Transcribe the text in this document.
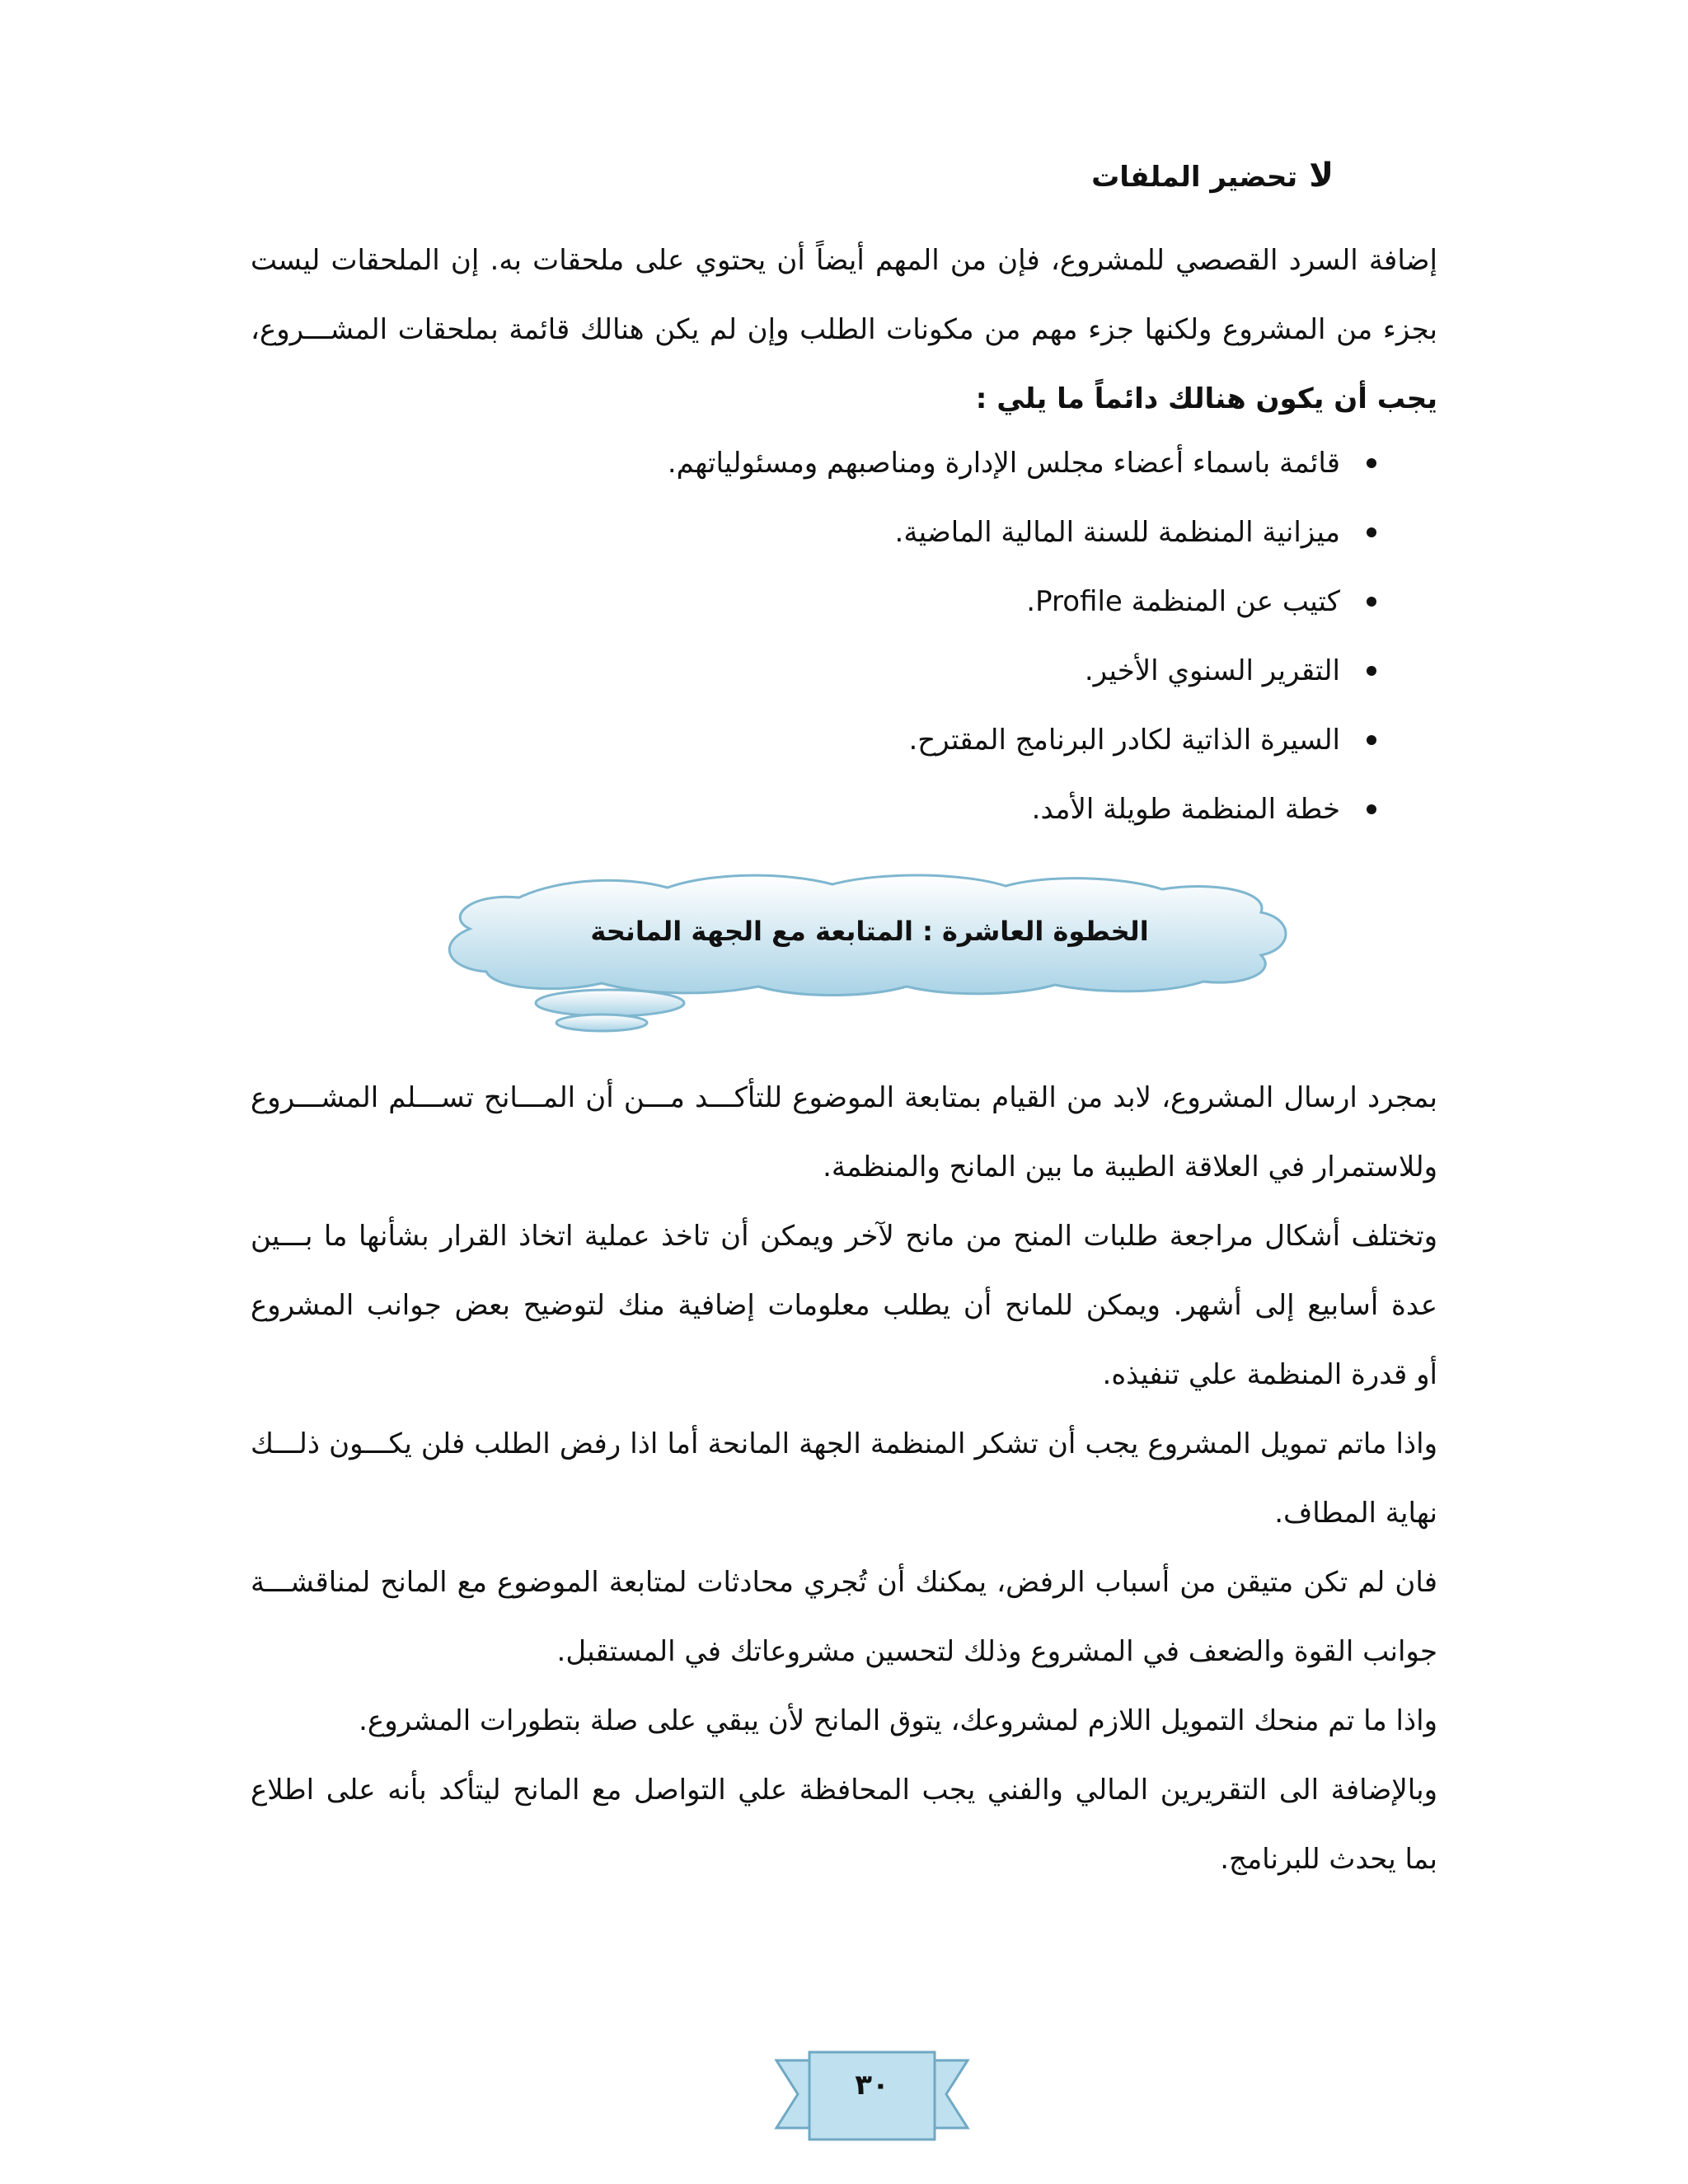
ﻻتحضير الملفات
إضافة السرد القصصي للمشروع، فإن من المهم أيضاً أن يحتوي على ملحقات به. إن الملحقات ليست
بجزء من المشروع ولكنها جزء مهم من مكونات الطلب وإن لم يكن هنالك قائمة بملحقات المشـــروع،
يجب أن يكون هنالك دائماً ما يلي :
قائمة باسماء أعضاء مجلس الإدارة ومناصبهم ومسئولياتهم.
ميزانية المنظمة للسنة المالية الماضية.
كتيب عن المنظمة Profile.
التقرير السنوي الأخير.
السيرة الذاتية لكادر البرنامج المقترح.
خطة المنظمة طويلة الأمد.
الخطوة العاشرة : المتابعة مع الجهة المانحة
بمجرد ارسال المشروع، لابد من القيام بمتابعة الموضوع للتأكـــد مـــن أن المـــانح تســـلم المشـــروع
وللاستمرار في العلاقة الطيبة ما بين المانح والمنظمة.
وتختلف أشكال مراجعة طلبات المنح من مانح لآخر ويمكن أن تاخذ عملية اتخاذ القرار بشأنها ما بـــين
عدة أسابيع إلى أشهر. ويمكن للمانح أن يطلب معلومات إضافية منك لتوضيح بعض جوانب المشروع
أو قدرة المنظمة علي تنفيذه.
واذا ماتم تمويل المشروع يجب أن تشكر المنظمة الجهة المانحة أما اذا رفض الطلب فلن يكـــون ذلـــك
نهاية المطاف.
فان لم تكن متيقن من أسباب الرفض، يمكنك أن تُجري محادثات لمتابعة الموضوع مع المانح لمناقشـــة
جوانب القوة والضعف في المشروع وذلك لتحسين مشروعاتك في المستقبل.
واذا ما تم منحك التمويل اللازم لمشروعك، يتوق المانح لأن يبقي على صلة بتطورات المشروع.
وبالإضافة الى التقريرين المالي والفني يجب المحافظة علي التواصل مع المانح ليتأكد بأنه على اطلاع
بما يحدث للبرنامج.
٣٠
